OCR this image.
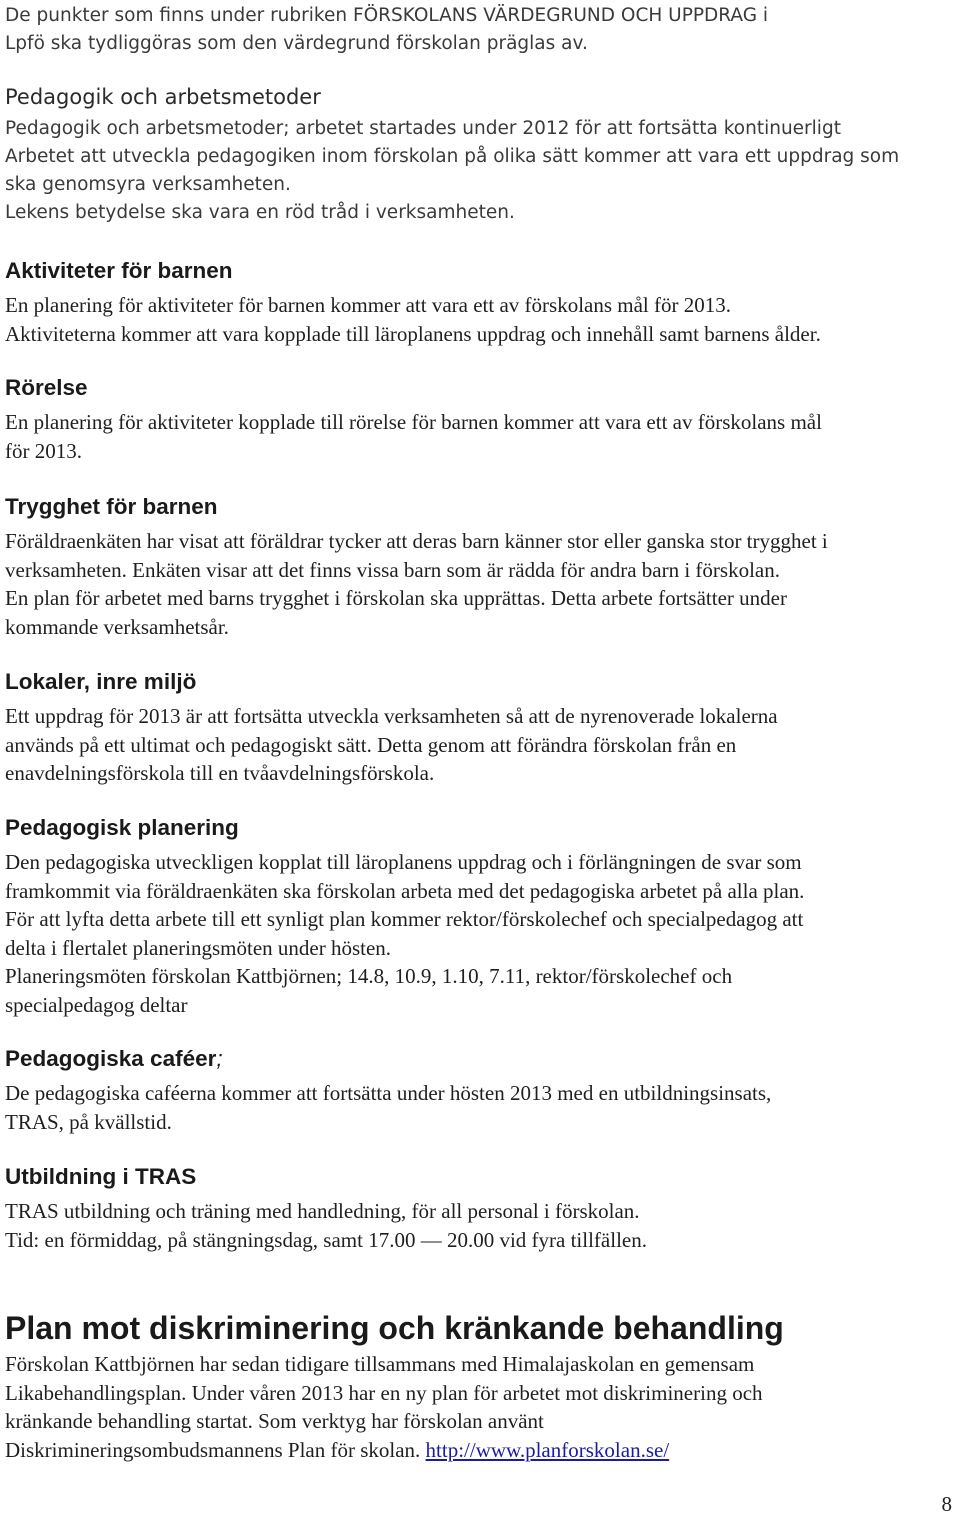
De punkter som finns under rubriken FÖRSKOLANS VÄRDEGRUND OCH UPPDRAG i
Lpfö ska tydliggöras som den värdegrund förskolan präglas av.
Pedagogik och arbetsmetoder
Pedagogik och arbetsmetoder; arbetet startades under 2012 för att fortsätta kontinuerligt
Arbetet att utveckla pedagogiken inom förskolan på olika sätt kommer att vara ett uppdrag som
ska genomsyra verksamheten.
Lekens betydelse ska vara en röd tråd i verksamheten.
Aktiviteter för barnen
En planering för aktiviteter för barnen kommer att vara ett av förskolans mål för 2013.
Aktiviteterna kommer att vara kopplade till läroplanens uppdrag och innehåll samt barnens ålder.
Rörelse
En planering för aktiviteter kopplade till rörelse för barnen kommer att vara ett av förskolans mål
för 2013.
Trygghet för barnen
Föräldraenkäten har visat att föräldrar tycker att deras barn känner stor eller ganska stor trygghet i
verksamheten. Enkäten visar att det finns vissa barn som är rädda för andra barn i förskolan.
En plan för arbetet med barns trygghet i förskolan ska upprättas. Detta arbete fortsätter under
kommande verksamhetsår.
Lokaler, inre miljö
Ett uppdrag för 2013 är att fortsätta utveckla verksamheten så att de nyrenoverade lokalerna
används på ett ultimat och pedagogiskt sätt. Detta genom att förändra förskolan från en
enavdelningsförskola till en tvåavdelningsförskola.
Pedagogisk planering
Den pedagogiska utveckligen kopplat till läroplanens uppdrag och i förlängningen de svar som
framkommit via föräldraenkäten ska förskolan arbeta med det pedagogiska arbetet på alla plan.
För att lyfta detta arbete till ett synligt plan kommer rektor/förskolechef och specialpedagog att
delta i flertalet planeringsmöten under hösten.
Planeringsmöten förskolan Kattbjörnen; 14.8, 10.9, 1.10, 7.11, rektor/förskolechef och
specialpedagog deltar
Pedagogiska caféer;
De pedagogiska caféerna kommer att fortsätta under hösten 2013 med en utbildningsinsats,
TRAS, på kvällstid.
Utbildning i TRAS
TRAS utbildning och träning med handledning, för all personal i förskolan.
Tid: en förmiddag, på stängningsdag, samt 17.00 — 20.00 vid fyra tillfällen.
Plan mot diskriminering och kränkande behandling
Förskolan Kattbjörnen har sedan tidigare tillsammans med Himalajaskolan en gemensam
Likabehandlingsplan. Under våren 2013 har en ny plan för arbetet mot diskriminering och
kränkande behandling startat. Som verktyg har förskolan använt
Diskrimineringsombudsmannens Plan för skolan. http://www.planforskolan.se/
8
